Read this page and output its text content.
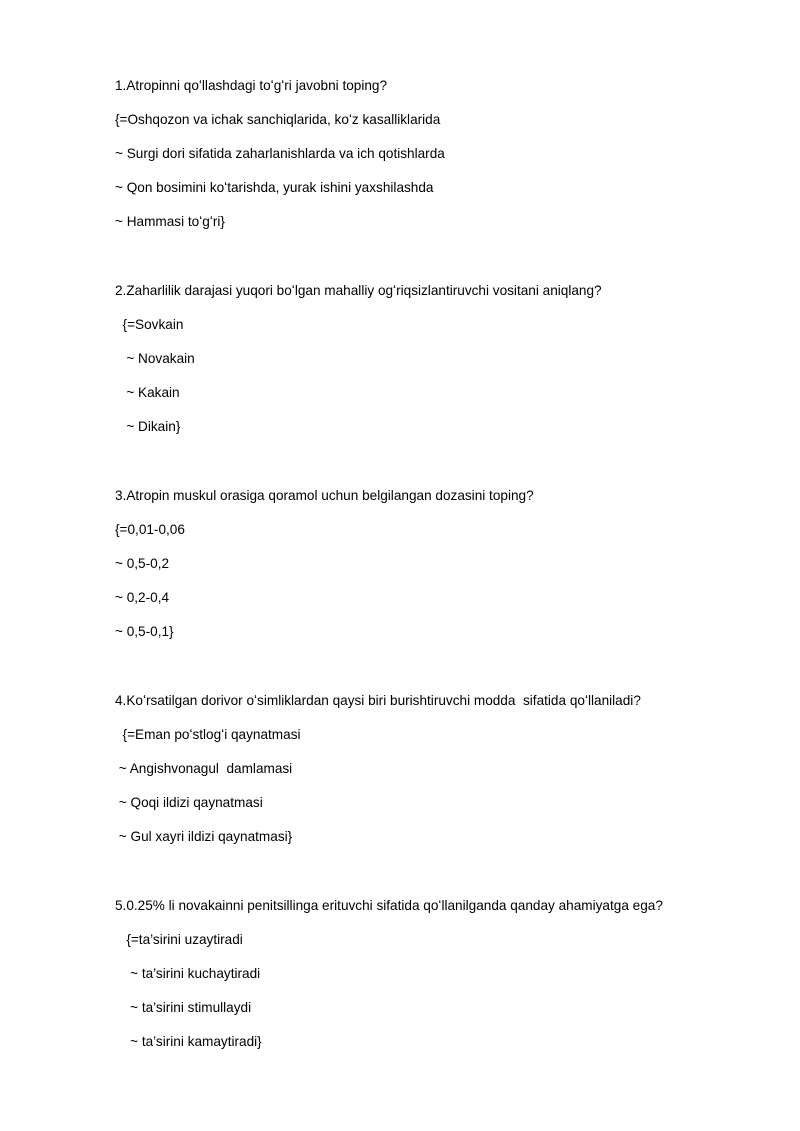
1.Atropinni qoʻllashdagi toʻgʻri javobni toping?
{=Oshqozon va ichak sanchiqlarida, koʻz kasalliklarida
~ Surgi dori sifatida zaharlanishlarda va ich qotishlarda
~ Qon bosimini koʻtarishda, yurak ishini yaxshilashda
~ Hammasi toʻgʻri}
2.Zaharlilik darajasi yuqori boʻlgan mahalliy ogʻriqsizlantiruvchi vositani aniqlang?
{=Sovkain
~ Novakain
~ Kakain
~ Dikain}
3.Atropin muskul orasiga qoramol uchun belgilangan dozasini toping?
{=0,01-0,06
~ 0,5-0,2
~ 0,2-0,4
~ 0,5-0,1}
4.Koʻrsatilgan dorivor oʻsimliklardan qaysi biri burishtiruvchi modda  sifatida qoʻllaniladi?
{=Eman poʻstlogʻi qaynatmasi
~ Angishvonagul  damlamasi
~ Qoqi ildizi qaynatmasi
~ Gul xayri ildizi qaynatmasi}
5.0.25% li novakainni penitsillinga erituvchi sifatida qoʻllanilganda qanday ahamiyatga ega?
{=ta’sirini uzaytiradi
~ ta’sirini kuchaytiradi
~ ta’sirini stimullaydi
~ ta’sirini kamaytiradi}
